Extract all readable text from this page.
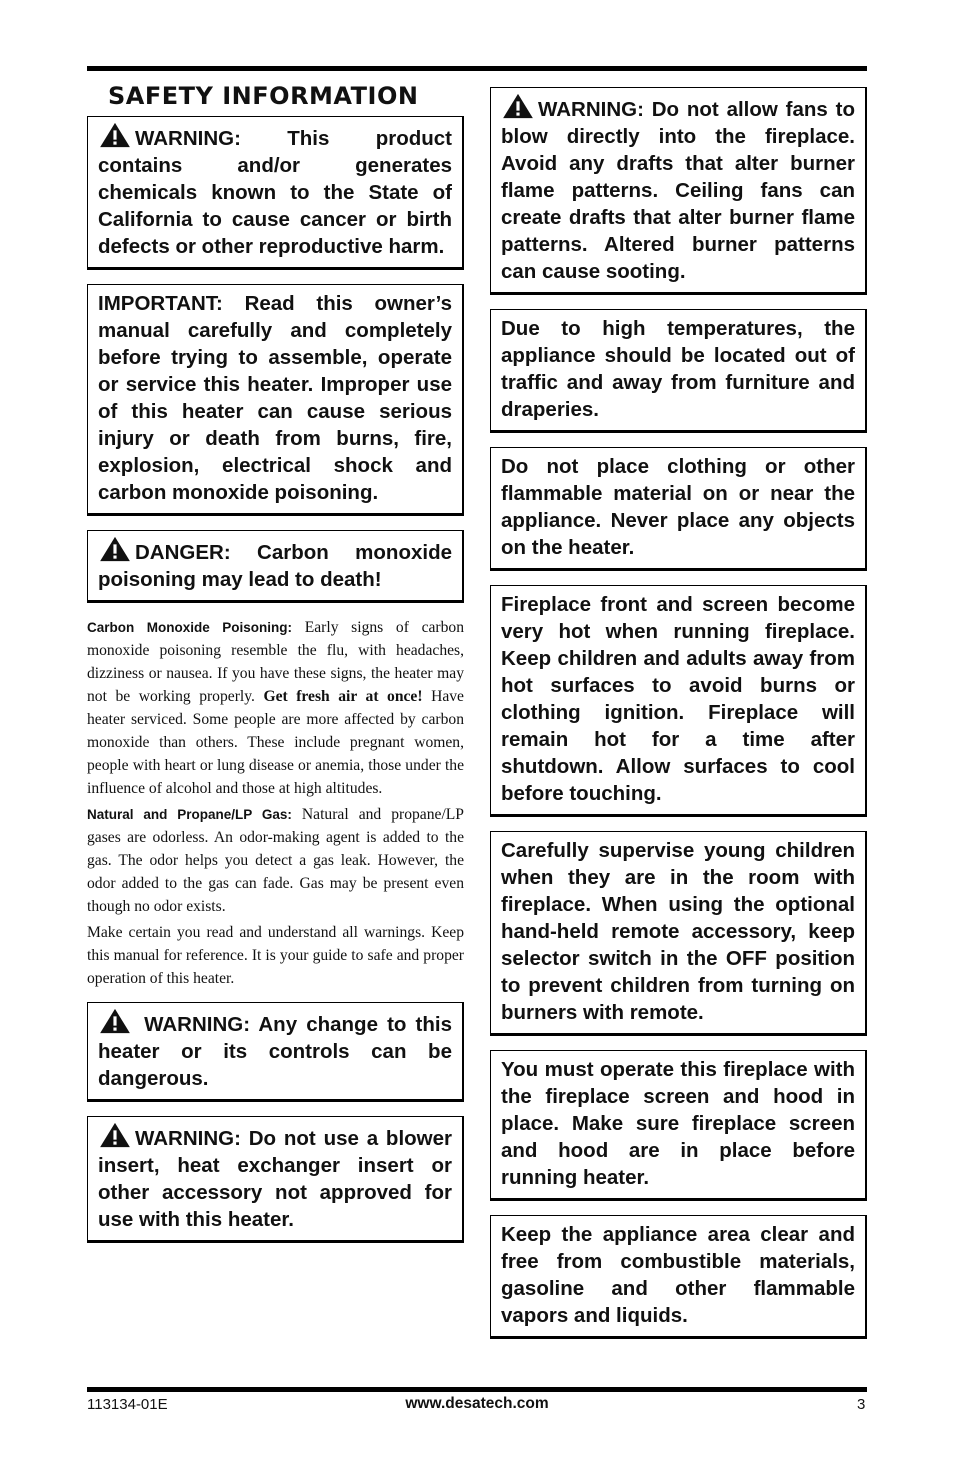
SAFETY INFORMATION
WARNING: This product contains and/or generates chemicals known to the State of California to cause cancer or birth defects or other reproductive harm.
IMPORTANT: Read this owner’s manual carefully and completely before trying to assemble, operate or service this heater. Improper use of this heater can cause serious injury or death from burns, fire, explosion, electrical shock and carbon monoxide poisoning.
DANGER: Carbon monoxide poisoning may lead to death!

Carbon Monoxide Poisoning: Early signs of carbon monoxide poisoning resemble the flu, with headaches, dizziness or nausea. If you have these signs, the heater may not be working properly. Get fresh air at once! Have heater serviced. Some people are more affected by carbon monoxide than others. These include pregnant women, people with heart or lung disease or anemia, those under the influence of alcohol and those at high altitudes.

Natural and Propane/LP Gas: Natural and propane/LP gases are odorless. An odor-making agent is added to the gas. The odor helps you detect a gas leak. However, the odor added to the gas can fade. Gas may be present even though no odor exists.

Make certain you read and understand all warnings. Keep this manual for reference. It is your guide to safe and proper operation of this heater.

WARNING: Any change to this heater or its controls can be dangerous.
WARNING: Do not use a blower insert, heat exchanger insert or other accessory not approved for use with this heater.
WARNING: Do not allow fans to blow directly into the fireplace. Avoid any drafts that alter burner flame patterns. Ceiling fans can create drafts that alter burner flame patterns. Altered burner patterns can cause sooting.
Due to high temperatures, the appliance should be located out of traffic and away from furniture and draperies.
Do not place clothing or other flammable material on or near the appliance. Never place any objects on the heater.
Fireplace front and screen become very hot when running fireplace. Keep children and adults away from hot surfaces to avoid burns or clothing ignition. Fireplace will remain hot for a time after shutdown. Allow surfaces to cool before touching.
Carefully supervise young children when they are in the room with fireplace. When using the optional hand-held remote accessory, keep selector switch in the OFF position to prevent children from turning on burners with remote.
You must operate this fireplace with the fireplace screen and hood in place. Make sure fireplace screen and hood are in place before running heater.
Keep the appliance area clear and free from combustible materials, gasoline and other flammable vapors and liquids.
113134-01E	www.desatech.com	3
